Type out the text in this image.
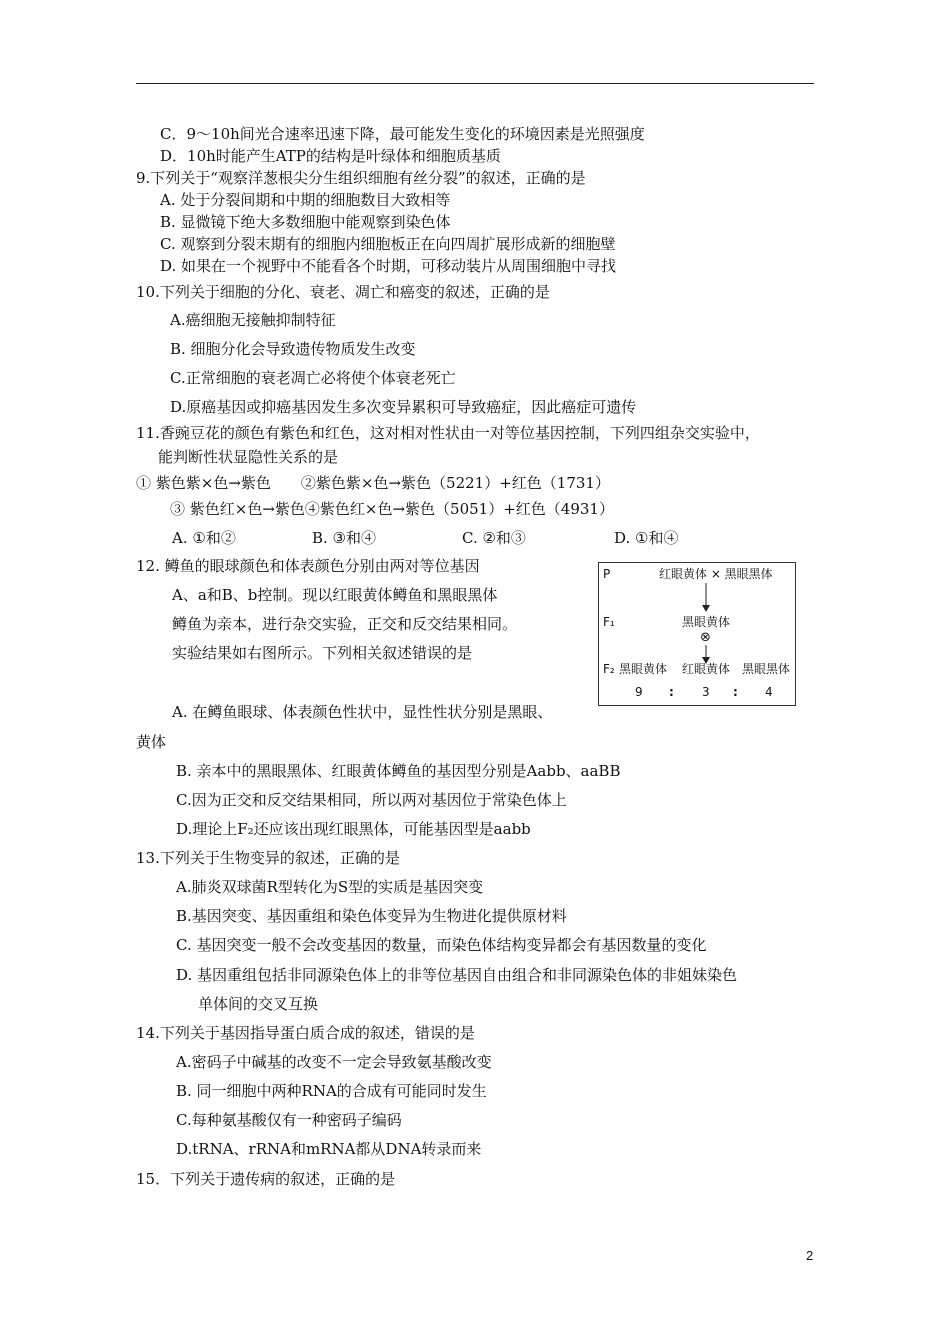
C．9～10h间光合速率迅速下降，最可能发生变化的环境因素是光照强度
D．10h时能产生ATP的结构是叶绿体和细胞质基质
9.下列关于“观察洋葱根尖分生组织细胞有丝分裂”的叙述，正确的是
A. 处于分裂间期和中期的细胞数目大致相等
B. 显微镜下绝大多数细胞中能观察到染色体
C. 观察到分裂末期有的细胞内细胞板正在向四周扩展形成新的细胞壁
D. 如果在一个视野中不能看各个时期，可移动装片从周围细胞中寻找
10.下列关于细胞的分化、衰老、凋亡和癌变的叙述，正确的是
A.癌细胞无接触抑制特征
B. 细胞分化会导致遗传物质发生改变
C.正常细胞的衰老凋亡必将使个体衰老死亡
D.原癌基因或抑癌基因发生多次变异累积可导致癌症，因此癌症可遗传
11.香豌豆花的颜色有紫色和红色，这对相对性状由一对等位基因控制，下列四组杂交实验中，
能判断性状显隐性关系的是
① 紫色紫×色→紫色　　②紫色紫×色→紫色（5221）+红色（1731）
③ 紫色红×色→紫色④紫色红×色→紫色（5051）+红色（4931）
A. ①和②	B. ③和④	C. ②和③	D. ①和④
12. 鳟鱼的眼球颜色和体表颜色分别由两对等位基因
A、a和B、b控制。现以红眼黄体鳟鱼和黑眼黑体
鳟鱼为亲本，进行杂交实验，正交和反交结果相同。
实验结果如右图所示。下列相关叙述错误的是
A. 在鳟鱼眼球、体表颜色性状中，显性性状分别是黑眼、
黄体
B. 亲本中的黑眼黑体、红眼黄体鳟鱼的基因型分别是Aabb、aaBB
C.因为正交和反交结果相同，所以两对基因位于常染色体上
D.理论上F₂还应该出现红眼黑体，可能基因型是aabb
13.下列关于生物变异的叙述，正确的是
A.肺炎双球菌R型转化为S型的实质是基因突变
B.基因突变、基因重组和染色体变异为生物进化提供原材料
C. 基因突变一般不会改变基因的数量，而染色体结构变异都会有基因数量的变化
D. 基因重组包括非同源染色体上的非等位基因自由组合和非同源染色体的非姐妹染色
单体间的交叉互换
14.下列关于基因指导蛋白质合成的叙述，错误的是
A.密码子中碱基的改变不一定会导致氨基酸改变
B. 同一细胞中两种RNA的合成有可能同时发生
C.每种氨基酸仅有一种密码子编码
D.tRNA、rRNA和mRNA都从DNA转录而来
15．下列关于遗传病的叙述，正确的是
P	红眼黄体 × 黑眼黑体
F₁	黑眼黄体
⊗
F₂ 黑眼黄体 红眼黄体 黑眼黑体
9 : 3 : 4
2
